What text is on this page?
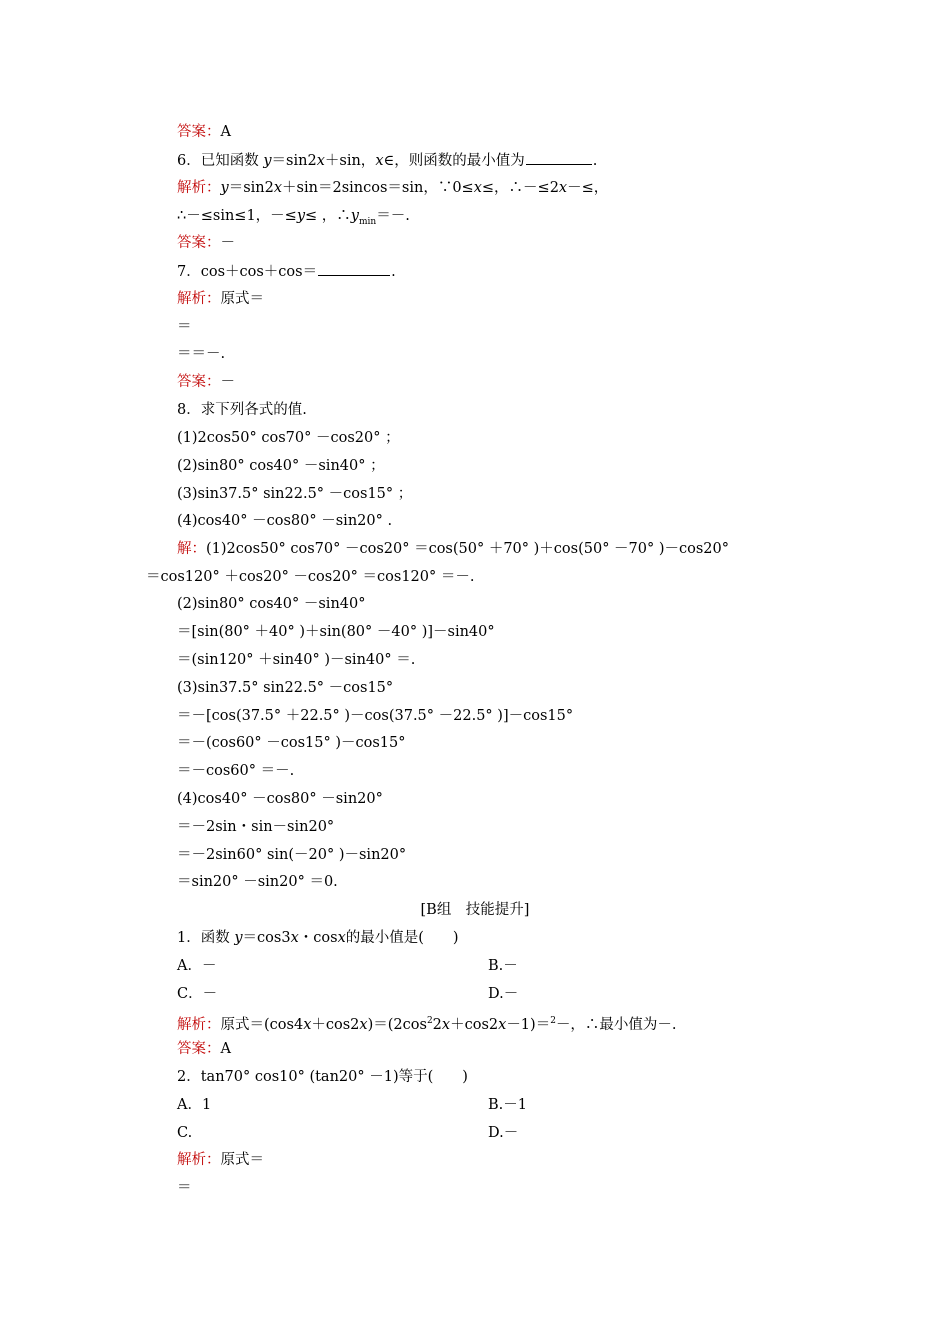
答案：A
6．已知函数 y＝sin2x＋sin，x∈，则函数的最小值为	.
解析：y＝sin2x＋sin＝2sincos＝sin，∵0≤x≤，∴－≤2x－≤，
∴－≤sin≤1，－≤y≤ ，$\therefore y_{min}=-$.
答案：－
7．cos＋cos＋cos＝	.
解析：原式＝
＝
＝＝－.
答案：－
8．求下列各式的值.
(1)2cos50° cos70° －cos20° ；
(2)sin80° cos40° －sin40° ；
(3)sin37.5° sin22.5° －cos15° ；
(4)cos40° －cos80° －sin20° .
解：(1)2cos50° cos70° －cos20° ＝cos(50° ＋70° )＋cos(50° －70° )－cos20°
＝cos120° ＋cos20° －cos20° ＝cos120° ＝－.
(2)sin80° cos40° －sin40°
＝[sin(80° ＋40° )＋sin(80° －40° )]－sin40°
＝(sin120° ＋sin40° )－sin40° ＝.
(3)sin37.5° sin22.5° －cos15°
＝－[cos(37.5° ＋22.5° )－cos(37.5° －22.5° )]－cos15°
＝－(cos60° －cos15° )－cos15°
＝－cos60° ＝－.
(4)cos40° －cos80° －sin20°
＝－2sin・sin－sin20°
＝－2sin60° sin(－20° )－sin20°
＝sin20° －sin20° ＝0.
[B组　技能提升]
1．函数 y＝cos3x・cosx的最小值是(　　)
A．－	B.－
C．－	D.－
解析：原式$=(\cos 4x+\cos 2x)=(2\cos^22x+\cos 2x-1)=^2-$，∴最小值为－.
答案：A
2．tan70° cos10° (tan20° －1)等于(　　)
A．1	B.－1
C.	D.－
解析：原式＝
＝
